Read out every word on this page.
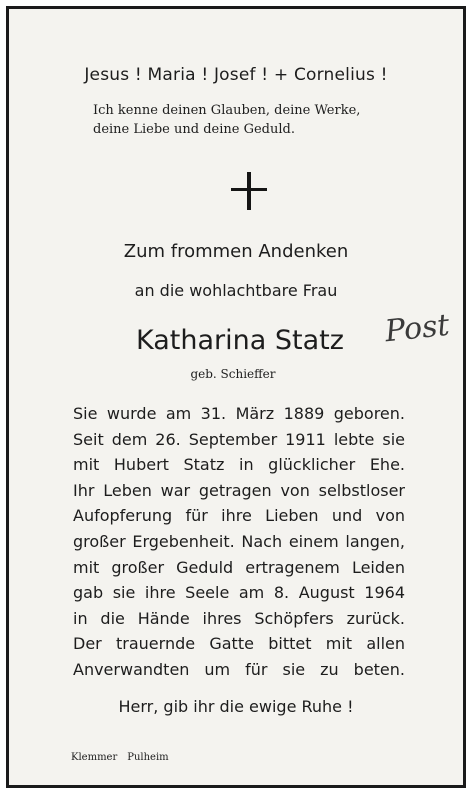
Jesus ! Maria ! Josef ! + Cornelius !
Ich kenne deinen Glauben, deine Werke,
deine Liebe und deine Geduld.
Zum frommen Andenken
an die wohlachtbare Frau
Katharina Statz Post
geb. Schieffer
Sie wurde am 31. März 1889 geboren.
Seit dem 26. September 1911 lebte sie
mit Hubert Statz in glücklicher Ehe.
Ihr Leben war getragen von selbstloser
Aufopferung für ihre Lieben und von
großer Ergebenheit. Nach einem langen,
mit großer Geduld ertragenem Leiden
gab sie ihre Seele am 8. August 1964
in die Hände ihres Schöpfers zurück.
Der trauernde Gatte bittet mit allen
Anverwandten um für sie zu beten.
Herr, gib ihr die ewige Ruhe !
Klemmer Pulheim
